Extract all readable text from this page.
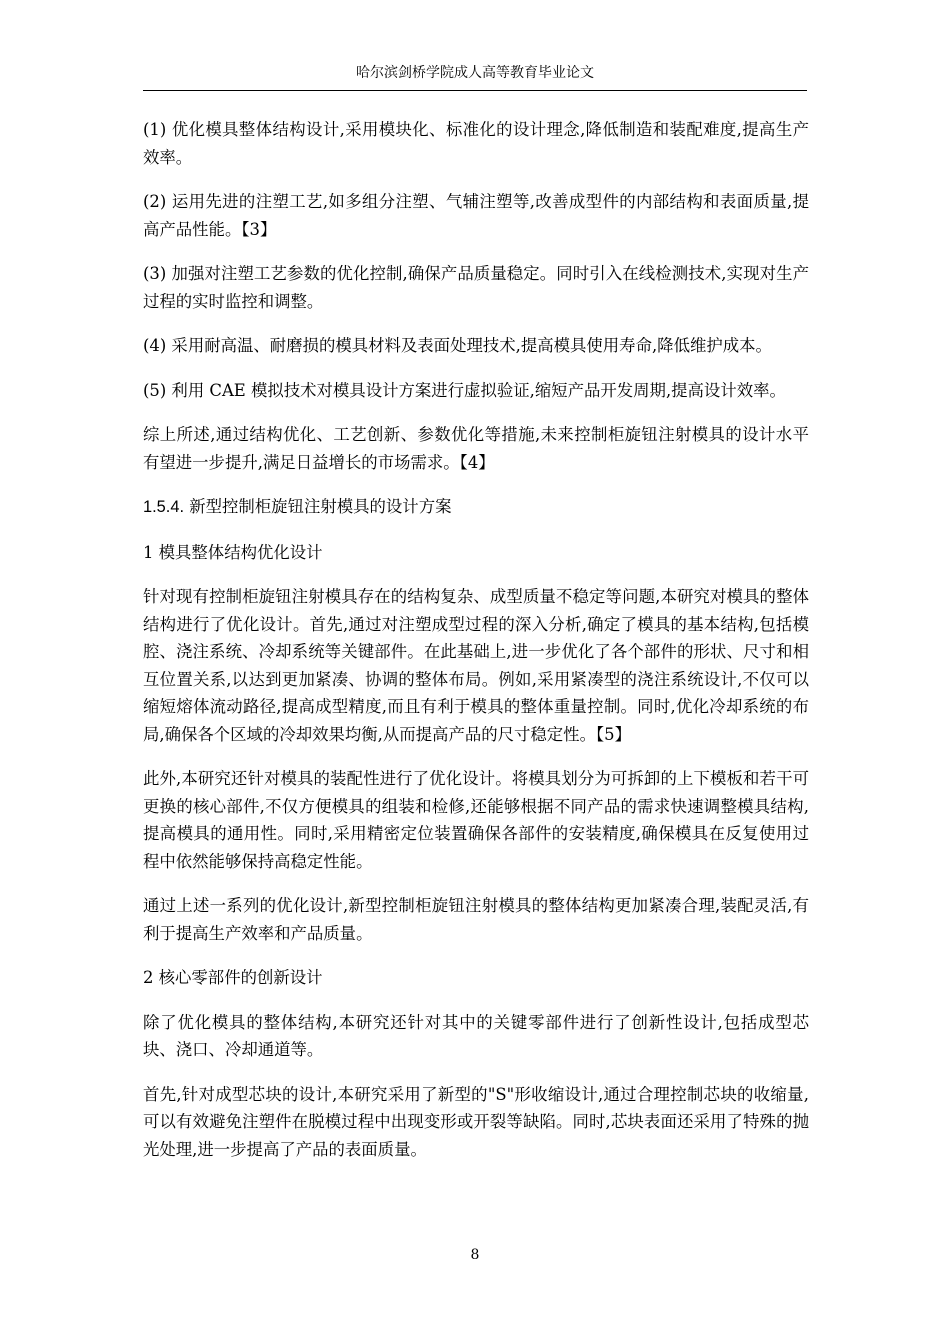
哈尔滨剑桥学院成人高等教育毕业论文

(1) 优化模具整体结构设计,采用模块化、标准化的设计理念,降低制造和装配难度,提高生产效率。

(2) 运用先进的注塑工艺,如多组分注塑、气辅注塑等,改善成型件的内部结构和表面质量,提高产品性能。【3】

(3) 加强对注塑工艺参数的优化控制,确保产品质量稳定。同时引入在线检测技术,实现对生产过程的实时监控和调整。

(4) 采用耐高温、耐磨损的模具材料及表面处理技术,提高模具使用寿命,降低维护成本。

(5) 利用 CAE 模拟技术对模具设计方案进行虚拟验证,缩短产品开发周期,提高设计效率。

综上所述,通过结构优化、工艺创新、参数优化等措施,未来控制柜旋钮注射模具的设计水平有望进一步提升,满足日益增长的市场需求。【4】

1.5.4. 新型控制柜旋钮注射模具的设计方案
1 模具整体结构优化设计

针对现有控制柜旋钮注射模具存在的结构复杂、成型质量不稳定等问题,本研究对模具的整体结构进行了优化设计。首先,通过对注塑成型过程的深入分析,确定了模具的基本结构,包括模腔、浇注系统、冷却系统等关键部件。在此基础上,进一步优化了各个部件的形状、尺寸和相互位置关系,以达到更加紧凑、协调的整体布局。例如,采用紧凑型的浇注系统设计,不仅可以缩短熔体流动路径,提高成型精度,而且有利于模具的整体重量控制。同时,优化冷却系统的布局,确保各个区域的冷却效果均衡,从而提高产品的尺寸稳定性。【5】

此外,本研究还针对模具的装配性进行了优化设计。将模具划分为可拆卸的上下模板和若干可更换的核心部件,不仅方便模具的组装和检修,还能够根据不同产品的需求快速调整模具结构,提高模具的通用性。同时,采用精密定位装置确保各部件的安装精度,确保模具在反复使用过程中依然能够保持高稳定性能。

通过上述一系列的优化设计,新型控制柜旋钮注射模具的整体结构更加紧凑合理,装配灵活,有利于提高生产效率和产品质量。

2 核心零部件的创新设计

除了优化模具的整体结构,本研究还针对其中的关键零部件进行了创新性设计,包括成型芯块、浇口、冷却通道等。

首先,针对成型芯块的设计,本研究采用了新型的"S"形收缩设计,通过合理控制芯块的收缩量,可以有效避免注塑件在脱模过程中出现变形或开裂等缺陷。同时,芯块表面还采用了特殊的抛光处理,进一步提高了产品的表面质量。

8
